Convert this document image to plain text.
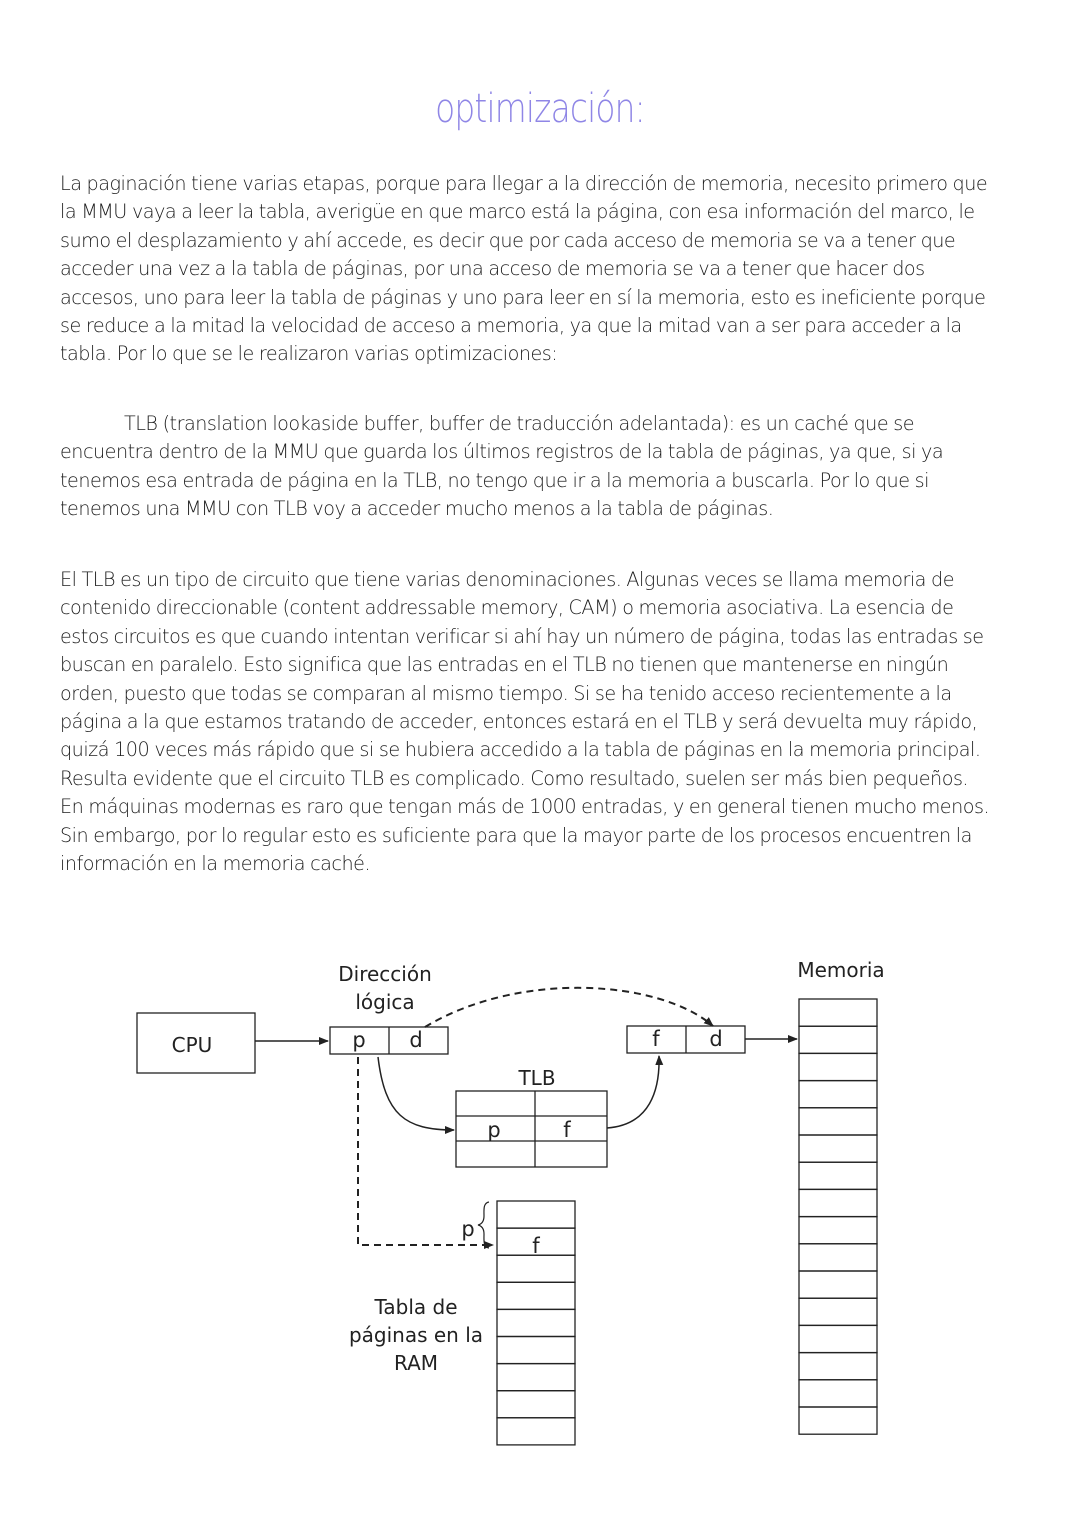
optimización:

La paginación tiene varias etapas, porque para llegar a la dirección de memoria, necesito primero que la MMU vaya a leer la tabla, averigüe en que marco está la página, con esa información del marco, le sumo el desplazamiento y ahí accede, es decir que por cada acceso de memoria se va a tener que acceder una vez a la tabla de páginas, por una acceso de memoria se va a tener que hacer dos accesos, uno para leer la tabla de páginas y uno para leer en sí la memoria, esto es ineficiente porque se reduce a la mitad la velocidad de acceso a memoria, ya que la mitad van a ser para acceder a la tabla. Por lo que se le realizaron varias optimizaciones:

TLB (translation lookaside buffer, buffer de traducción adelantada): es un caché que se encuentra dentro de la MMU que guarda los últimos registros de la tabla de páginas, ya que, si ya tenemos esa entrada de página en la TLB, no tengo que ir a la memoria a buscarla. Por lo que si tenemos una MMU con TLB voy a acceder mucho menos a la tabla de páginas.

El TLB es un tipo de circuito que tiene varias denominaciones. Algunas veces se llama memoria de contenido direccionable (content addressable memory, CAM) o memoria asociativa. La esencia de estos circuitos es que cuando intentan verificar si ahí hay un número de página, todas las entradas se buscan en paralelo. Esto significa que las entradas en el TLB no tienen que mantenerse en ningún orden, puesto que todas se comparan al mismo tiempo. Si se ha tenido acceso recientemente a la página a la que estamos tratando de acceder, entonces estará en el TLB y será devuelta muy rápido, quizá 100 veces más rápido que si se hubiera accedido a la tabla de páginas en la memoria principal. Resulta evidente que el circuito TLB es complicado. Como resultado, suelen ser más bien pequeños. En máquinas modernas es raro que tengan más de 1000 entradas, y en general tienen mucho menos. Sin embargo, por lo regular esto es suficiente para que la mayor parte de los procesos encuentren la información en la memoria caché.

CPU
Dirección
lógica
p d	f d
Memoria
TLB
p	f
p
f
Tabla de
páginas en la
RAM
